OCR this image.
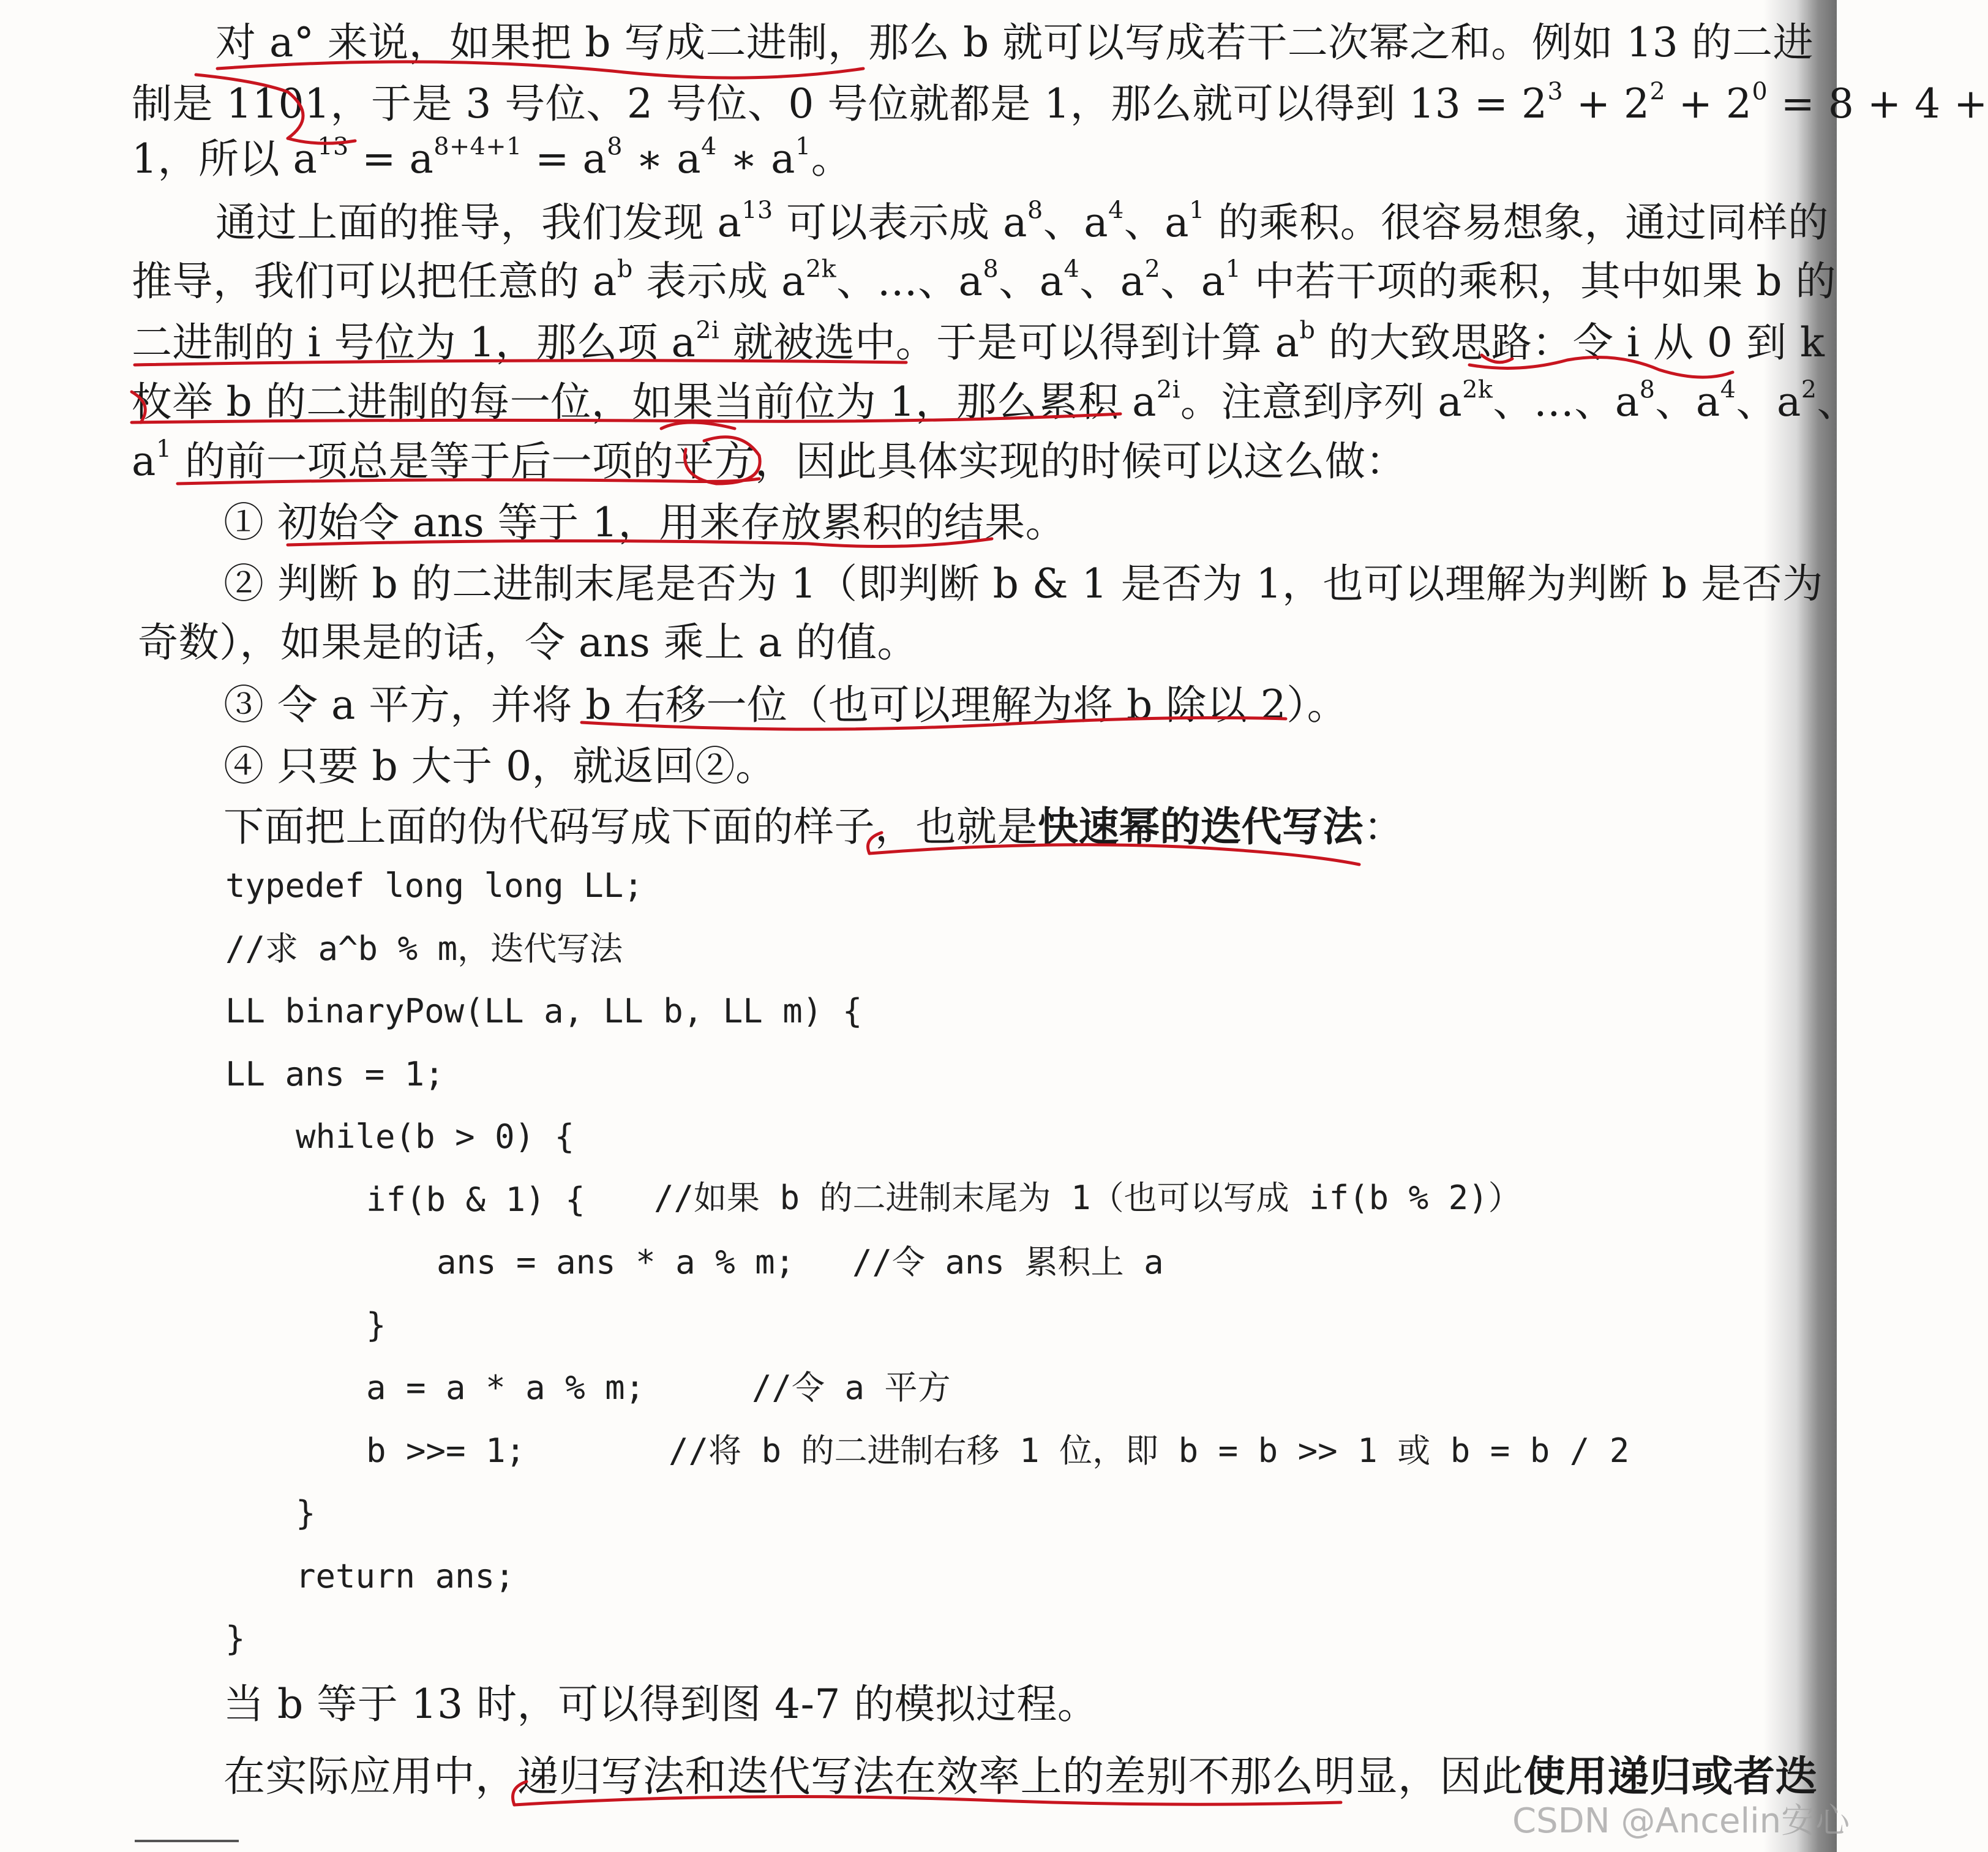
对 a° 来说，如果把 b 写成二进制，那么 b 就可以写成若干二次幂之和。例如 13 的二进
制是 1101，于是 3 号位、2 号位、0 号位就都是 1，那么就可以得到 $13 = 2^3 + 2^2 + 2^0 = 8 + 4$ +
1，所以 $a^{13} = a^{8+4+1} = a^8$ ∗ $a^4$ ∗ $a^1$。
通过上面的推导，我们发现 $a^{13}$ 可以表示成 $a^8$、$a^4$、$a^1$ 的乘积。很容易想象，通过同样的
推导，我们可以把任意的 $a^b$ 表示成 $a^{2k}$、…、$a^8$、$a^4$、$a^2$、$a^1$ 中若干项的乘积，其中如果 b 的
二进制的 i 号位为 1，那么项 $a^{2i}$ 就被选中。于是可以得到计算 $a^b$ 的大致思路：令 i 从 0 到 k
枚举 b 的二进制的每一位，如果当前位为 1，那么累积 $a^{2i}$。注意到序列 $a^{2k}$、…、$a^8$、$a^4$、$a^2$、
$a^1$ 的前一项总是等于后一项的平方，因此具体实现的时候可以这么做：
① 初始令 ans 等于 1，用来存放累积的结果。
② 判断 b 的二进制末尾是否为 1（即判断 b & 1 是否为 1，也可以理解为判断 b 是否为
奇数），如果是的话，令 ans 乘上 a 的值。
③ 令 a 平方，并将 b 右移一位（也可以理解为将 b 除以 2）。
④ 只要 b 大于 0，就返回②。
下面把上面的伪代码写成下面的样子，也就是快速幂的迭代写法：
typedef long long LL;
//求 a^b % m，迭代写法
LL binaryPow(LL a, LL b, LL m) {
LL ans = 1;
while(b > 0) {
if(b & 1) { //如果 b 的二进制末尾为 1（也可以写成 if(b % 2)）
ans = ans * a % m; //令 ans 累积上 a
}
a = a * a % m;	//令 a 平方
b >>= 1;	//将 b 的二进制右移 1 位，即 b = b >> 1 或 b = b / 2
}
return ans;
}
当 b 等于 13 时，可以得到图 4-7 的模拟过程。
在实际应用中，递归写法和迭代写法在效率上的差别不那么明显，因此使用递归或者迭
CSDN @Ancelin安心
